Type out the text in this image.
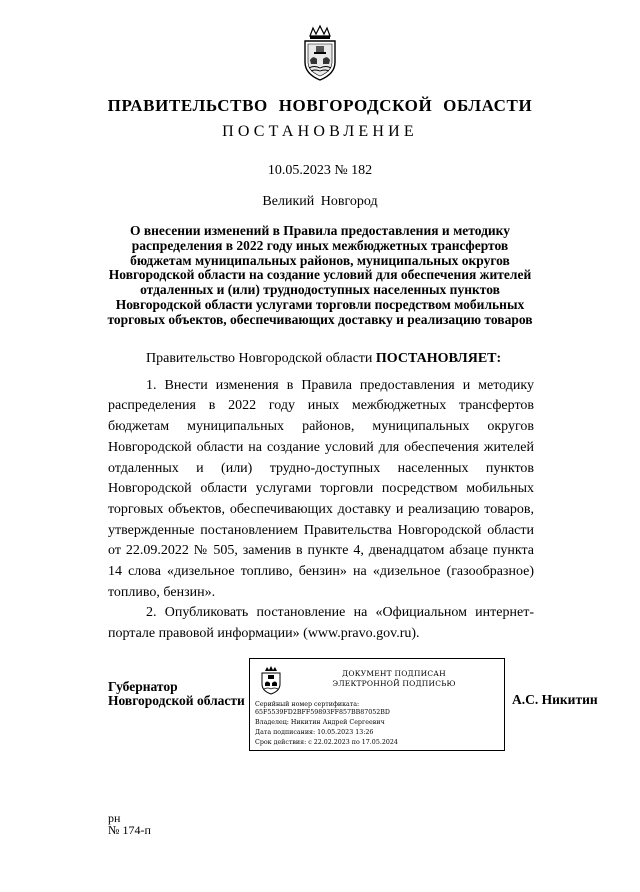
ПРАВИТЕЛЬСТВО НОВГОРОДСКОЙ ОБЛАСТИ
ПОСТАНОВЛЕНИЕ
10.05.2023 № 182
Великий Новгород
О внесении изменений в Правила предоставления и методику распределения в 2022 году иных межбюджетных трансфертов бюджетам муниципальных районов, муниципальных округов Новгородской области на создание условий для обеспечения жителей отдаленных и (или) труднодоступных населенных пунктов Новгородской области услугами торговли посредством мобильных торговых объектов, обеспечивающих доставку и реализацию товаров

Правительство Новгородской области ПОСТАНОВЛЯЕТ:

1. Внести изменения в Правила предоставления и методику распределения в 2022 году иных межбюджетных трансфертов бюджетам муниципальных районов, муниципальных округов Новгородской области на создание условий для обеспечения жителей отдаленных и (или) трудно-доступных населенных пунктов Новгородской области услугами торговли посредством мобильных торговых объектов, обеспечивающих доставку и реализацию товаров, утвержденные постановлением Правительства Новгородской области от 22.09.2022 № 505, заменив в пункте 4, двенадцатом абзаце пункта 14 слова «дизельное топливо, бензин» на «дизельное (газообразное) топливо, бензин».

2. Опубликовать постановление на «Официальном интернет-портале правовой информации» (www.pravo.gov.ru).

Губернатор
Новгородской области
ДОКУМЕНТ ПОДПИСАН
ЭЛЕКТРОННОЙ ПОДПИСЬЮ
Серийный номер сертификата:
65F5539FD2BFF59893FF857BB87052BD
Владелец: Никитин Андрей Сергеевич
Дата подписания: 10.05.2023 13:26
Срок действия: с 22.02.2023 по 17.05.2024
А.С. Никитин
рн
№ 174-п
